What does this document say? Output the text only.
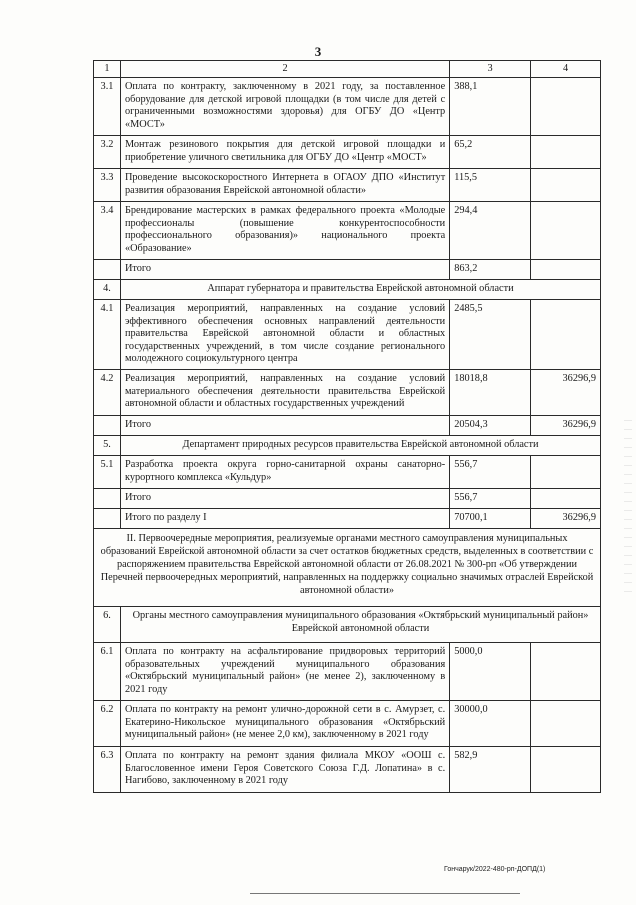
3
1	2	3	4
3.1	Оплата по контракту, заключенному в 2021 году, за поставленное оборудование для детской игровой площадки (в том числе для детей с ограниченными возможностями здоровья) для ОГБУ ДО «Центр «МОСТ»	388,1	
3.2	Монтаж резинового покрытия для детской игровой площадки и приобретение уличного светильника для ОГБУ ДО «Центр «МОСТ»	65,2	
3.3	Проведение высокоскоростного Интернета в ОГАОУ ДПО «Институт развития образования Еврейской автономной области»	115,5	
3.4	Брендирование мастерских в рамках федерального проекта «Молодые профессионалы (повышение конкурентоспособности профессионального образования)» национального проекта «Образование»	294,4	
	Итого	863,2	
4.	Аппарат губернатора и правительства Еврейской автономной области		
4.1	Реализация мероприятий, направленных на создание условий эффективного обеспечения основных направлений деятельности правительства Еврейской автономной области и областных государственных учреждений, в том числе создание регионального молодежного социокультурного центра	2485,5	
4.2	Реализация мероприятий, направленных на создание условий материального обеспечения деятельности правительства Еврейской автономной области и областных государственных учреждений	18018,8	36296,9
	Итого	20504,3	36296,9
5.	Департамент природных ресурсов правительства Еврейской автономной области		
5.1	Разработка проекта округа горно-санитарной охраны санаторно-курортного комплекса «Кульдур»	556,7	
	Итого	556,7	
	Итого по разделу I	70700,1	36296,9
II. Первоочередные мероприятия, реализуемые органами местного самоуправления муниципальных образований Еврейской автономной области за счет остатков бюджетных средств, выделенных в соответствии с распоряжением правительства Еврейской автономной области от 26.08.2021 № 300-рп «Об утверждении Перечней первоочередных мероприятий, направленных на поддержку социально значимых отраслей Еврейской автономной области»			
6.	Органы местного самоуправления муниципального образования «Октябрьский муниципальный район» Еврейской автономной области		
6.1	Оплата по контракту на асфальтирование придворовых территорий образовательных учреждений муниципального образования «Октябрьский муниципальный район» (не менее 2), заключенному в 2021 году	5000,0	
6.2	Оплата по контракту на ремонт улично-дорожной сети в с. Амурзет, с. Екатерино-Никольское муниципального образования «Октябрьский муниципальный район» (не менее 2,0 км), заключенному в 2021 году	30000,0	
6.3	Оплата по контракту на ремонт здания филиала МКОУ «ООШ с. Благословенное имени Героя Советского Союза Г.Д. Лопатина» в с. Нагибово, заключенному в 2021 году	582,9	
Гончарук/2022-480-рп-ДОПД(1)
